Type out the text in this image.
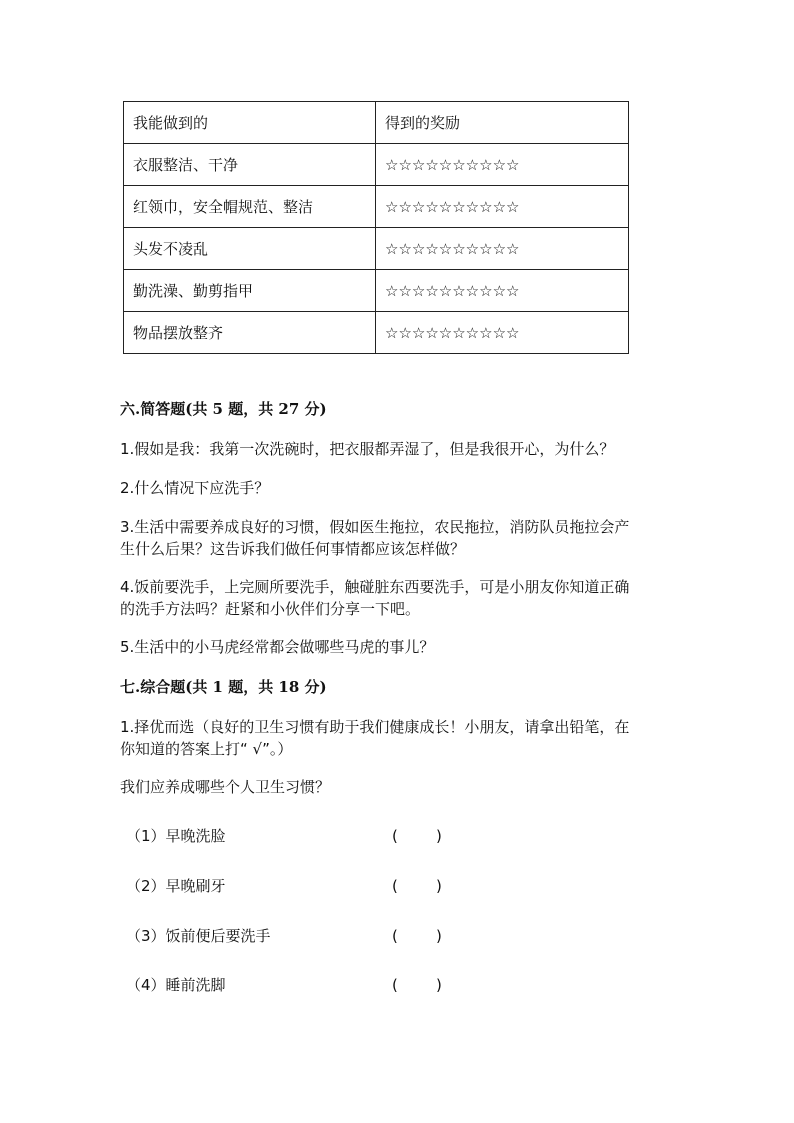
我能做到的	得到的奖励
衣服整洁、干净	☆☆☆☆☆☆☆☆☆☆
红领巾，安全帽规范、整洁	☆☆☆☆☆☆☆☆☆☆
头发不凌乱	☆☆☆☆☆☆☆☆☆☆
勤洗澡、勤剪指甲	☆☆☆☆☆☆☆☆☆☆
物品摆放整齐	☆☆☆☆☆☆☆☆☆☆
六.简答题(共 5 题，共 27 分)
1.假如是我：我第一次洗碗时，把衣服都弄湿了，但是我很开心，为什么？
2.什么情况下应洗手？
3.生活中需要养成良好的习惯，假如医生拖拉，农民拖拉，消防队员拖拉会产
生什么后果？这告诉我们做任何事情都应该怎样做？
4.饭前要洗手，上完厕所要洗手，触碰脏东西要洗手，可是小朋友你知道正确
的洗手方法吗？赶紧和小伙伴们分享一下吧。
5.生活中的小马虎经常都会做哪些马虎的事儿？
七.综合题(共 1 题，共 18 分)
1.择优而选（良好的卫生习惯有助于我们健康成长！小朋友，请拿出铅笔，在
你知道的答案上打“ √”。）
我们应养成哪些个人卫生习惯？
（1）早晚洗脸	(        )
（2）早晚刷牙	(        )
（3）饭前便后要洗手	(        )
（4）睡前洗脚	(        )
